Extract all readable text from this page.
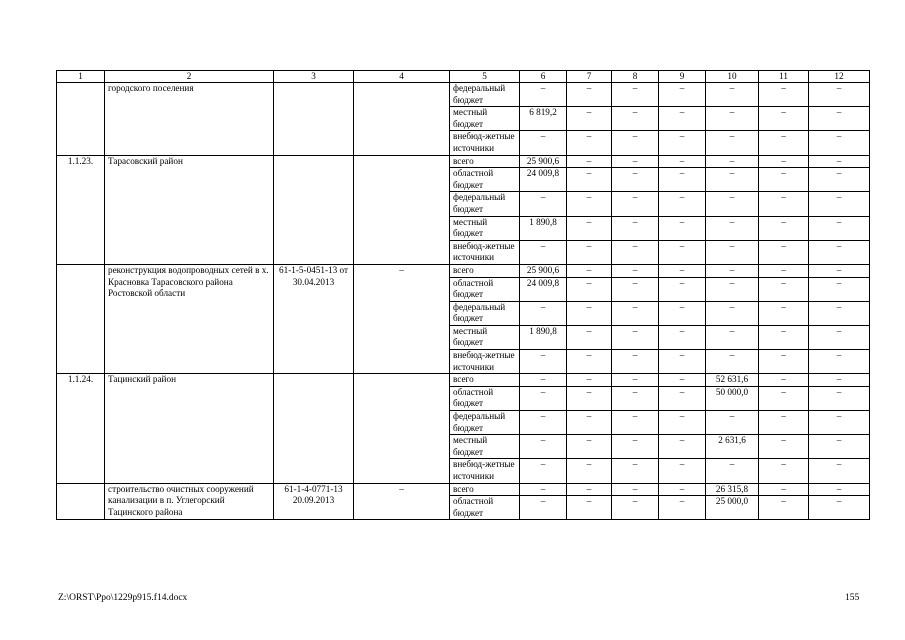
1	2	3	4	5	6	7	8	9	10	11	12
	городского поселения			федеральный бюджет	–	–	–	–	–	–	–
				местный бюджет	6 819,2	–	–	–	–	–	–
				внебюд-жетные источники	–	–	–	–	–	–	–
1.1.23.	Тарасовский район			всего	25 900,6	–	–	–	–	–	–
				областной бюджет	24 009,8	–	–	–	–	–	–
				федеральный бюджет	–	–	–	–	–	–	–
				местный бюджет	1 890,8	–	–	–	–	–	–
				внебюд-жетные источники	–	–	–	–	–	–	–
	реконструкция водопроводных сетей в х. Красновка Тарасовского района Ростовской области	61-1-5-0451-13 от 30.04.2013	–	всего	25 900,6	–	–	–	–	–	–
				областной бюджет	24 009,8	–	–	–	–	–	–
				федеральный бюджет	–	–	–	–	–	–	–
				местный бюджет	1 890,8	–	–	–	–	–	–
				внебюд-жетные источники	–	–	–	–	–	–	–
1.1.24.	Тацинский район			всего	–	–	–	–	52 631,6	–	–
				областной бюджет	–	–	–	–	50 000,0	–	–
				федеральный бюджет	–	–	–	–	–	–	–
				местный бюджет	–	–	–	–	2 631,6	–	–
				внебюд-жетные источники	–	–	–	–	–	–	–
	строительство очистных сооружений канализации в п. Углегорский Тацинского района	61-1-4-0771-13 20.09.2013	–	всего	–	–	–	–	26 315,8	–	–
				областной бюджет	–	–	–	–	25 000,0	–	–
Z:\ORST\Ppo\1229p915.f14.docx	155
